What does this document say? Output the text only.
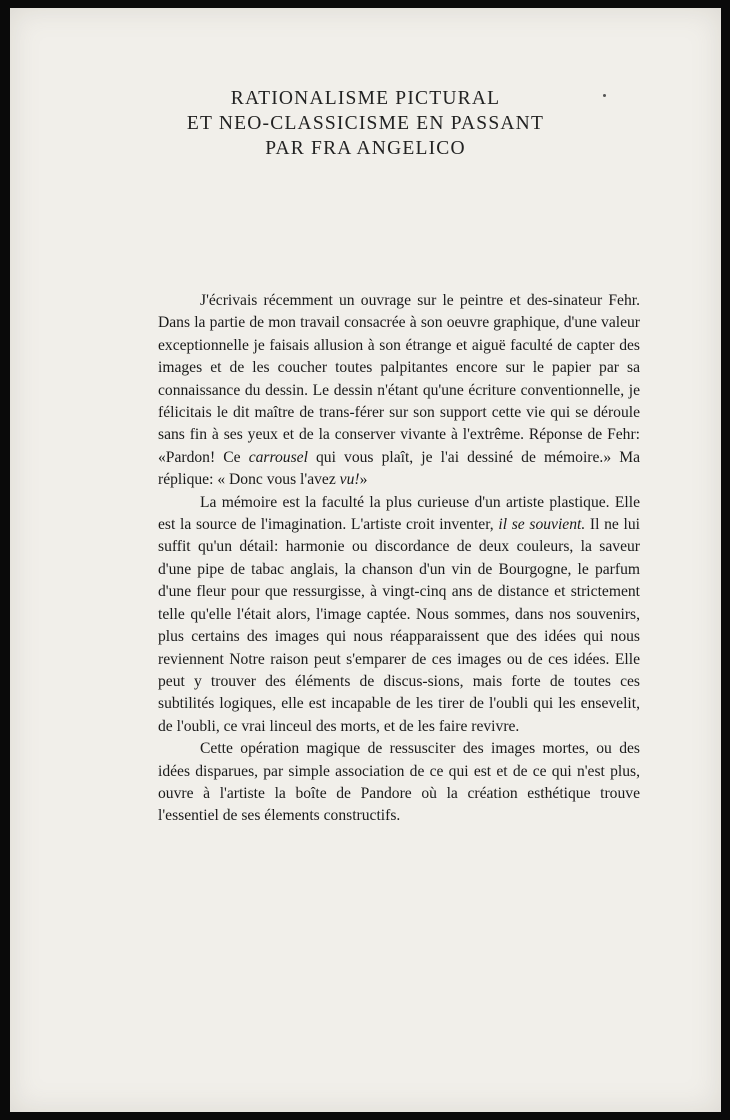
RATIONALISME PICTURAL
ET NEO-CLASSICISME EN PASSANT
PAR FRA ANGELICO

J'écrivais récemment un ouvrage sur le peintre et des-sinateur Fehr. Dans la partie de mon travail consacrée à son oeuvre graphique, d'une valeur exceptionnelle je faisais allusion à son étrange et aiguë faculté de capter des images et de les coucher toutes palpitantes encore sur le papier par sa connaissance du dessin. Le dessin n'étant qu'une écriture conventionnelle, je félicitais le dit maître de trans-férer sur son support cette vie qui se déroule sans fin à ses yeux et de la conserver vivante à l'extrême. Réponse de Fehr: «Pardon! Ce carrousel qui vous plaît, je l'ai dessiné de mémoire.» Ma réplique: « Donc vous l'avez vu!»

La mémoire est la faculté la plus curieuse d'un artiste plastique. Elle est la source de l'imagination. L'artiste croit inventer, il se souvient. Il ne lui suffit qu'un détail: harmonie ou discordance de deux couleurs, la saveur d'une pipe de tabac anglais, la chanson d'un vin de Bourgogne, le parfum d'une fleur pour que ressurgisse, à vingt-cinq ans de distance et strictement telle qu'elle l'était alors, l'image captée. Nous sommes, dans nos souvenirs, plus certains des images qui nous réapparaissent que des idées qui nous reviennent Notre raison peut s'emparer de ces images ou de ces idées. Elle peut y trouver des éléments de discus-sions, mais forte de toutes ces subtilités logiques, elle est incapable de les tirer de l'oubli qui les ensevelit, de l'oubli, ce vrai linceul des morts, et de les faire revivre.

Cette opération magique de ressusciter des images mortes, ou des idées disparues, par simple association de ce qui est et de ce qui n'est plus, ouvre à l'artiste la boîte de Pandore où la création esthétique trouve l'essentiel de ses élements constructifs.
